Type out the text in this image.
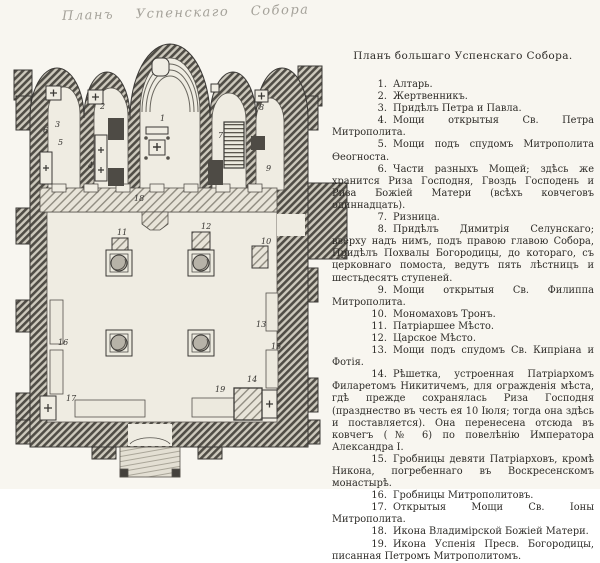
Планъ Успенскаго Собора
1
2
3
4
5
6
7
8
9
10
11
12
13
14
15
16
17
18
19
Планъ большаго Успенскаго Собора.

1. Алтарь.

2. Жертвенникъ.

3. Придѣлъ Петра и Павла.

4. Мощи открытыя Св. Петра Митрополита.

5. Мощи подъ спудомъ Митрополита Ѳеогноста.

6. Части разныхъ Мощей; здѣсь же хранится Риза Господня, Гвоздь Господень и Риза Божіей Матери (всѣхъ ковчеговъ одиннадцать).

7. Ризница.

8. Придѣлъ Димитрія Селунскаго; вверху надъ нимъ, подъ правою главою Собора, Придѣлъ Похвалы Богородицы, до котораго, съ церковнаго помоста, ведутъ пять лѣстницъ и шестьдесятъ ступеней.

9. Мощи открытыя Св. Филиппа Митрополита.

10. Мономаховъ Тронъ.

11. Патріаршее Мѣсто.

12. Царское Мѣсто.

13. Мощи подъ спудомъ Св. Кипріана и Фотія.

14. Рѣшетка, устроенная Патріархомъ Филаретомъ Никитичемъ, для огражденія мѣста, гдѣ прежде сохранялась Риза Господня (празднество въ честь ея 10 Іюля; тогда она здѣсь и поставляется). Она перенесена отсюда въ ковчегъ (№ 6) по повелѣнію Императора Александра I.

15. Гробницы девяти Патріарховъ, кромѣ Никона, погребеннаго въ Воскресенскомъ монастырѣ.

16. Гробницы Митрополитовъ.

17. Открытыя Мощи Св. Іоны Митрополита.

18. Икона Владимірской Божіей Матери.

19. Икона Успенія Пресв. Богородицы, писанная Петромъ Митрополитомъ.
